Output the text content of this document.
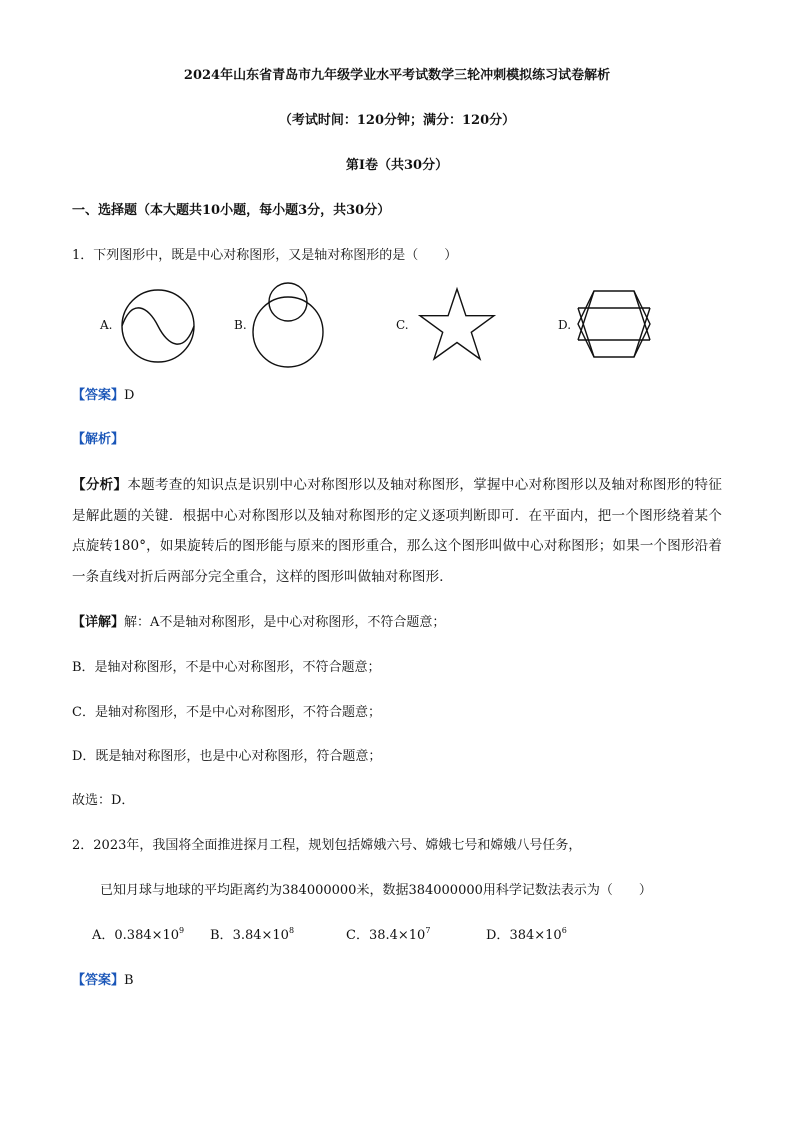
2024年山东省青岛市九年级学业水平考试数学三轮冲刺模拟练习试卷解析
（考试时间：120分钟；满分：120分）
第Ⅰ卷（共30分）
一、选择题（本大题共10小题，每小题3分，共30分）
1．下列图形中，既是中心对称图形，又是轴对称图形的是（　　）
A.	B.	C.	D.
【答案】D
【解析】
【分析】本题考查的知识点是识别中心对称图形以及轴对称图形，掌握中心对称图形以及轴对称图形的特征是解此题的关键．根据中心对称图形以及轴对称图形的定义逐项判断即可．在平面内，把一个图形绕着某个点旋转180°，如果旋转后的图形能与原来的图形重合，那么这个图形叫做中心对称图形；如果一个图形沿着一条直线对折后两部分完全重合，这样的图形叫做轴对称图形．
【详解】解：A不是轴对称图形，是中心对称图形，不符合题意；
B．是轴对称图形，不是中心对称图形，不符合题意；
C．是轴对称图形，不是中心对称图形，不符合题意；
D．既是轴对称图形，也是中心对称图形，符合题意；
故选：D．
2．2023年，我国将全面推进探月工程，规划包括嫦娥六号、嫦娥七号和嫦娥八号任务，
已知月球与地球的平均距离约为384000000米，数据384000000用科学记数法表示为（　　）
A．$0.384\times 10^9$ B．$3.84\times 10^8$	C．$38.4\times 10^7$	D．$384\times 10^6$
【答案】B
